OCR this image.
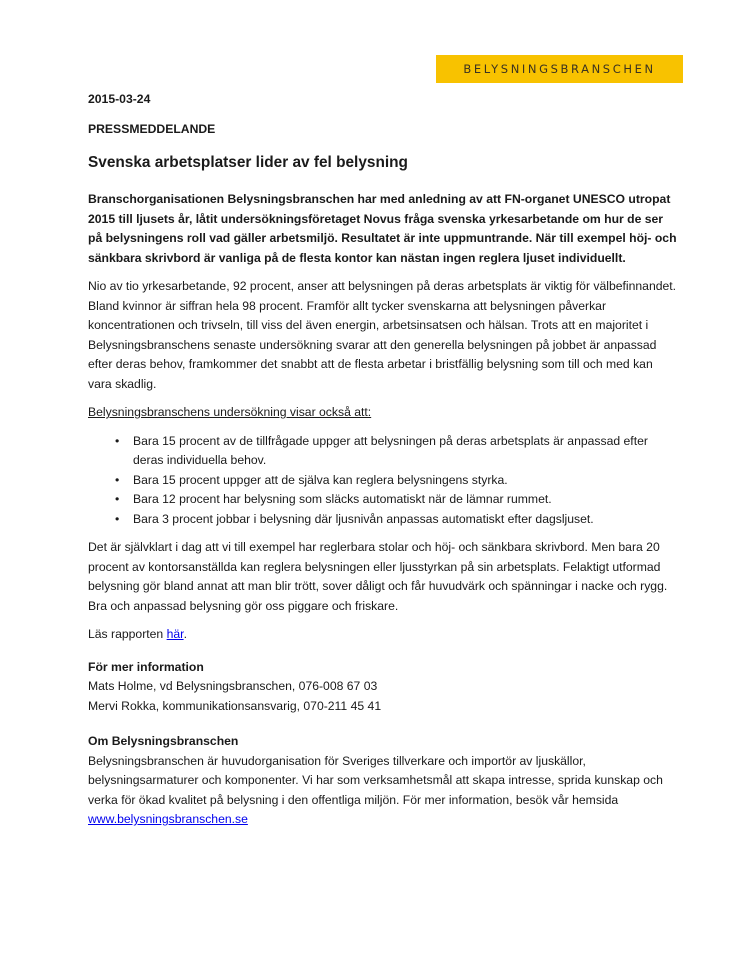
BELYSNINGSBRANSCHEN

2015-03-24

PRESSMEDDELANDE

Svenska arbetsplatser lider av fel belysning

Branschorganisationen Belysningsbranschen har med anledning av att FN-organet UNESCO utropat 2015 till ljusets år, låtit undersökningsföretaget Novus fråga svenska yrkesarbetande om hur de ser på belysningens roll vad gäller arbetsmiljö. Resultatet är inte uppmuntrande. När till exempel höj- och sänkbara skrivbord är vanliga på de flesta kontor kan nästan ingen reglera ljuset individuellt.

Nio av tio yrkesarbetande, 92 procent, anser att belysningen på deras arbetsplats är viktig för välbefinnandet. Bland kvinnor är siffran hela 98 procent. Framför allt tycker svenskarna att belysningen påverkar koncentrationen och trivseln, till viss del även energin, arbetsinsatsen och hälsan. Trots att en majoritet i Belysningsbranschens senaste undersökning svarar att den generella belysningen på jobbet är anpassad efter deras behov, framkommer det snabbt att de flesta arbetar i bristfällig belysning som till och med kan vara skadlig.

Belysningsbranschens undersökning visar också att:

• Bara 15 procent av de tillfrågade uppger att belysningen på deras arbetsplats är anpassad efter deras individuella behov.
• Bara 15 procent uppger att de själva kan reglera belysningens styrka.
• Bara 12 procent har belysning som släcks automatiskt när de lämnar rummet.
• Bara 3 procent jobbar i belysning där ljusnivån anpassas automatiskt efter dagsljuset.

Det är självklart i dag att vi till exempel har reglerbara stolar och höj- och sänkbara skrivbord. Men bara 20 procent av kontorsanställda kan reglera belysningen eller ljusstyrkan på sin arbetsplats. Felaktigt utformad belysning gör bland annat att man blir trött, sover dåligt och får huvudvärk och spänningar i nacke och rygg. Bra och anpassad belysning gör oss piggare och friskare.

Läs rapporten här.

För mer information

Mats Holme, vd Belysningsbranschen, 076-008 67 03

Mervi Rokka, kommunikationsansvarig, 070-211 45 41

Om Belysningsbranschen

Belysningsbranschen är huvudorganisation för Sveriges tillverkare och importör av ljuskällor, belysningsarmaturer och komponenter. Vi har som verksamhetsmål att skapa intresse, sprida kunskap och verka för ökad kvalitet på belysning i den offentliga miljön. För mer information, besök vår hemsida
www.belysningsbranschen.se
